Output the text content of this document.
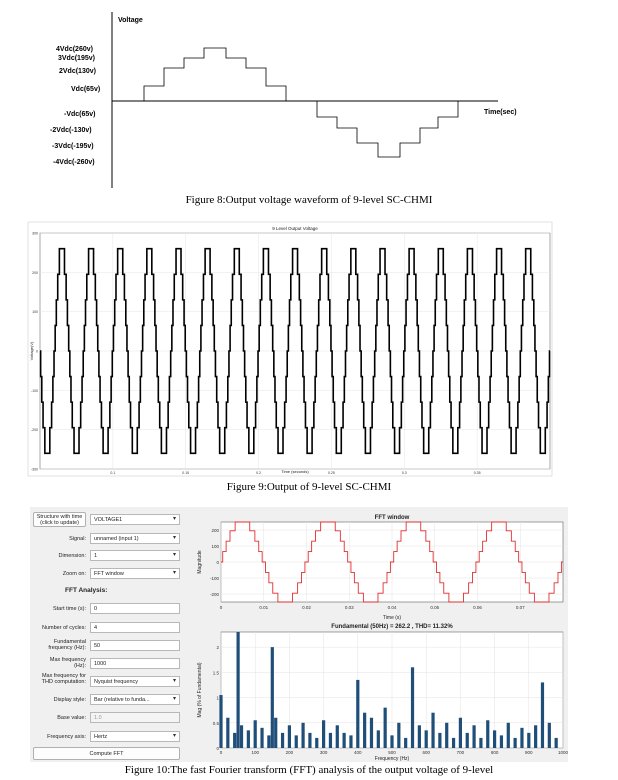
Voltage
Time(sec)
4Vdc(260v)
3Vdc(195v)
2Vdc(130v)
Vdc(65v)
-Vdc(65v)
-2Vdc(-130v)
-3Vdc(-195v)
-4Vdc(-260v)
Figure 8:Output voltage waveform of 9-level SC-CHMI
9 Level Output Voltage
Time (seconds)
Voltage(V)
300
200
100
0
-100
-200
-300
0.1	0.15	0.2	0.25	0.3	0.35
Figure 9:Output of 9-level SC-CHMI
Structure with time (click to update)	VOLTAGE1 ▾
Signal:	unnamed (input 1) ▾
Dimension:	1 ▾
Zoom on:	FFT window ▾
FFT Analysis:
Start time (s):	0
Number of cycles:	4
Fundamental frequency (Hz):	50
Max frequency (Hz):	1000
Max frequency for THD computation:	Nyquist frequency ▾
Display style:	Bar (relative to funda... ▾
Base value:	1.0
Frequency axis:	Hertz ▾
Compute FFT
FFT window
Time (s)
Magnitude
200
100
0
-100
-200
0	0.01	0.02	0.03	0.04	0.05	0.06	0.07
Fundamental (50Hz) = 262.2 , THD= 11.32%
Frequency (Hz)
Mag (% of Fundamental)
0
0.5
1
1.5
2
0	100	200	300	400	500	600	700	800	900	1000
Figure 10:The fast Fourier transform (FFT) analysis of the output voltage of 9-level
